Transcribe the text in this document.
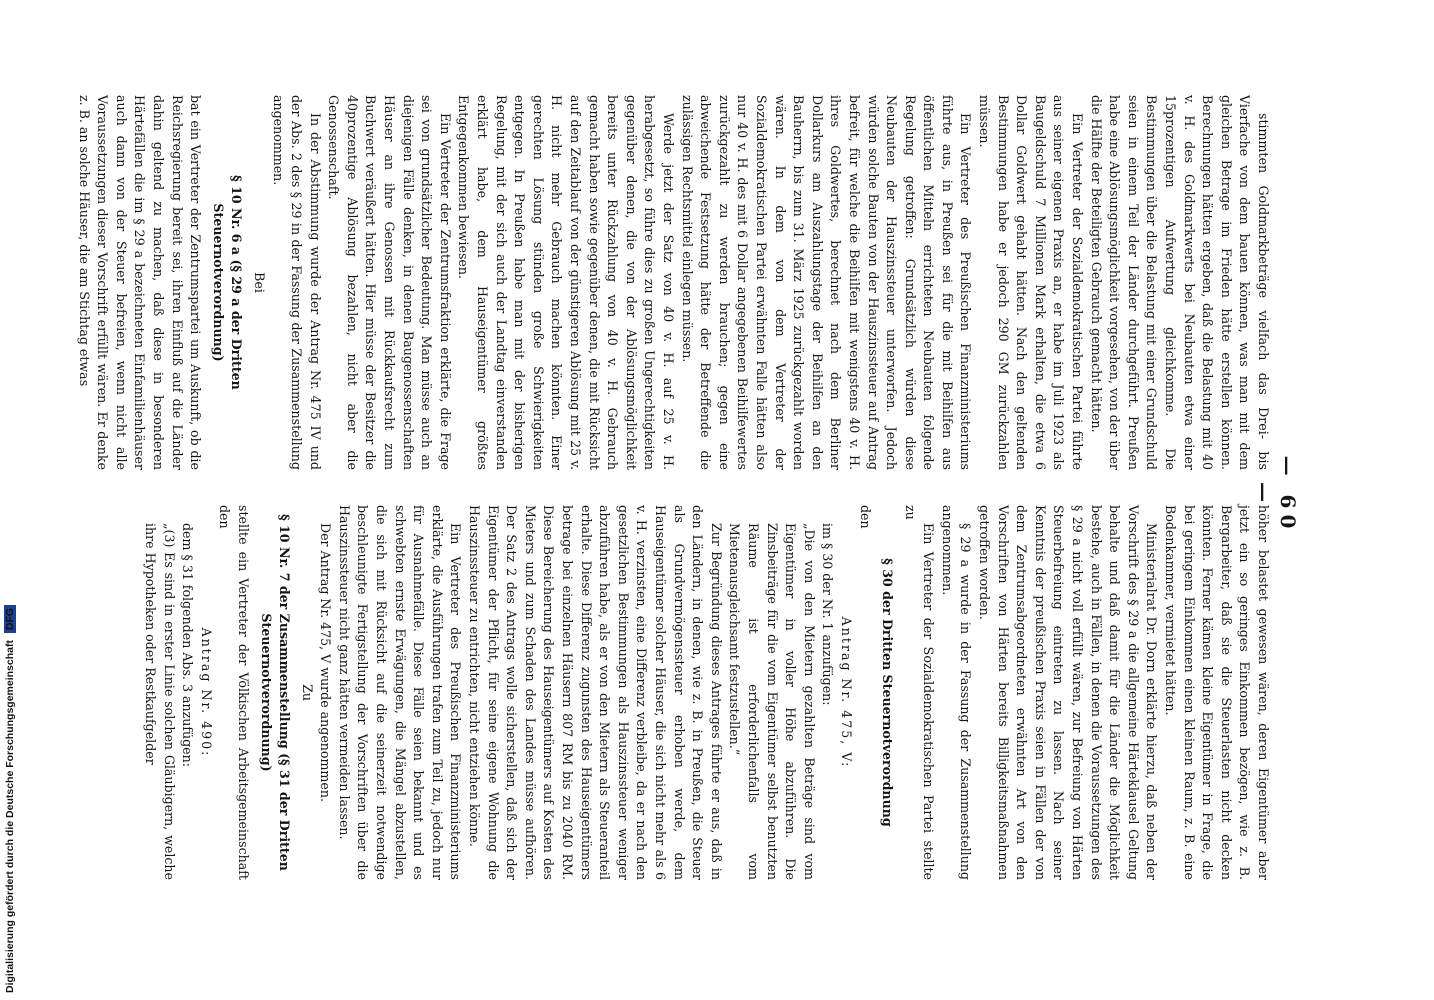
— 60 —

stimmten Goldmarkbeträge vielfach das Drei- bis Vierfache von dem bauen können, was man mit dem gleichen Betrage im Frieden hätte erstellen können. Berechnungen hätten ergeben, daß die Belastung mit 40 v. H. des Goldmarkwerts bei Neubauten etwa einer 15prozentigen Aufwertung gleichkomme. Die Bestimmungen über die Belastung mit einer Grundschuld seien in einem Teil der Länder durchgeführt. Preußen habe eine Ablösungsmöglichkeit vorgesehen, von der über die Hälfte der Beteiligten Gebrauch gemacht hätten.

Ein Vertreter der Sozialdemokratischen Partei führte aus seiner eigenen Praxis an, er habe im Juli 1923 als Baugeldschuld 7 Millionen Mark erhalten, die etwa 6 Dollar Goldwert gehabt hätten. Nach den geltenden Bestimmungen habe er jedoch 290 GM zurückzahlen müssen.

Ein Vertreter des Preußischen Finanzministeriums führte aus, in Preußen sei für die mit Beihilfen aus öffentlichen Mitteln errichteten Neubauten folgende Regelung getroffen: Grundsätzlich würden diese Neubauten der Hauszinssteuer unterworfen. Jedoch würden solche Bauten von der Hauszinssteuer auf Antrag befreit, für welche die Beihilfen mit wenigstens 40 v. H. ihres Goldwertes, berechnet nach dem Berliner Dollarkurs am Auszahlungstage der Beihilfen an den Bauherrn, bis zum 31. März 1925 zurückgezahlt worden wären. In dem von dem Vertreter der Sozialdemokratischen Partei erwähnten Falle hätten also nur 40 v. H. des mit 6 Dollar angegebenen Beihilfewertes zurückgezahlt zu werden brauchen; gegen eine abweichende Festsetzung hätte der Betreffende die zulässigen Rechtsmittel einlegen müssen.

Werde jetzt der Satz von 40 v. H. auf 25 v. H. herabgesetzt, so führe dies zu großen Ungerechtigkeiten gegenüber denen, die von der Ablösungsmöglichkeit bereits unter Rückzahlung von 40 v. H. Gebrauch gemacht haben sowie gegenüber denen, die mit Rücksicht auf den Zeitablauf von der günstigeren Ablösung mit 25 v. H. nicht mehr Gebrauch machen könnten. Einer gerechten Lösung stünden große Schwierigkeiten entgegen. In Preußen habe man mit der bisherigen Regelung, mit der sich auch der Landtag einverstanden erklärt habe, dem Hauseigentümer größtes Entgegenkommen bewiesen.

Ein Vertreter der Zentrumsfraktion erklärte, die Frage sei von grundsätzlicher Bedeutung. Man müsse auch an diejenigen Fälle denken, in denen Baugenossenschaften Häuser an ihre Genossen mit Rückkaufsrecht zum Buchwert veräußert hätten. Hier müsse der Besitzer die 40prozentige Ablösung bezahlen, nicht aber die Genossenschaft.

In der Abstimmung wurde der Antrag Nr. 475 IV und der Abs. 2 des § 29 in der Fassung der Zusammenstellung angenommen.

Bei

§ 10 Nr. 6 a (§ 29 a der Dritten Steuernotverordnung)

bat ein Vertreter der Zentrumspartei um Auskunft, ob die Reichsregierung bereit sei, ihren Einfluß auf die Länder dahin geltend zu machen, daß diese in besonderen Härtefällen die im § 29 a bezeichneten Einfamilienhäuser auch dann von der Steuer befreien, wenn nicht alle Voraussetzungen dieser Vorschrift erfüllt wären. Er denke z. B. an solche Häuser, die am Stichtag etwas

höher belastet gewesen wären, deren Eigentümer aber jetzt ein so geringes Einkommen bezögen, wie z. B. Bergarbeiter, daß sie die Steuerlasten nicht decken könnten. Ferner kämen kleine Eigentümer in Frage, die bei geringem Einkommen einen kleinen Raum, z. B. eine Bodenkammer, vermietet hätten.

Ministerialrat Dr. Dorn erklärte hierzu, daß neben der Vorschrift des § 29 a die allgemeine Härteklausel Geltung behalte und daß damit für die Länder die Möglichkeit bestehe, auch in Fällen, in denen die Voraussetzungen des § 29 a nicht voll erfüllt wären, zur Befreiung von Härten Steuerbefreiung eintreten zu lassen. Nach seiner Kenntnis der preußischen Praxis seien in Fällen der von dem Zentrumsabgeordneten erwähnten Art von den Vorschriften von Härten bereits Billigkeitsmaßnahmen getroffen worden.

§ 29 a wurde in der Fassung der Zusammenstellung angenommen.

Ein Vertreter der Sozialdemokratischen Partei stellte zu

§ 30 der Dritten Steuernotverordnung

den

Antrag Nr. 475, V:

im § 30 der Nr. 1 anzufügen:

„Die von den Mietern gezahlten Beträge sind vom Eigentümer in voller Höhe abzuführen. Die Zinsbeiträge für die vom Eigentümer selbst benutzten Räume ist erforderlichenfalls vom Mietenausgleichsamt festzustellen.“

Zur Begründung dieses Antrages führte er aus, daß in den Ländern, in denen, wie z. B. in Preußen, die Steuer als Grundvermögenssteuer erhoben werde, dem Hauseigentümer solcher Häuser, die sich nicht mehr als 6 v. H. verzinsten, eine Differenz verbleibe, da er nach den gesetzlichen Bestimmungen als Hauszinssteuer weniger abzuführen habe, als er von den Mietern als Steueranteil erhalte. Diese Differenz zugunsten des Hauseigentümers betrage bei einzelnen Häusern 807 RM bis zu 2040 RM. Diese Bereicherung des Hauseigentümers auf Kosten des Mieters und zum Schaden des Landes müsse aufhören. Der Satz 2 des Antrags wolle sicherstellen, daß sich der Eigentümer der Pflicht, für seine eigene Wohnung die Hauszinssteuer zu entrichten, nicht entziehen könne.

Ein Vertreter des Preußischen Finanzministeriums erklärte, die Ausführungen trafen zum Teil zu, jedoch nur für Ausnahmefälle. Diese Fälle seien bekannt und es schwebten ernste Erwägungen, die Mängel abzustellen, die sich mit Rücksicht auf die seinerzeit notwendige beschleunigte Fertigstellung der Vorschriften über die Hauszinssteuer nicht ganz hätten vermeiden lassen.

Der Antrag Nr. 475, V wurde angenommen.

Zu

§ 10 Nr. 7 der Zusammenstellung (§ 31 der Dritten Steuernotverordnung)

stellte ein Vertreter der Völkischen Arbeitsgemeinschaft den

Antrag Nr. 490:

dem § 31 folgenden Abs. 3 anzufügen:

„(3) Es sind in erster Linie solchen Gläubigern, welche ihre Hypotheken oder Restkaufgelder

Digitalisierung gefördert durch die Deutsche Forschungsgemeinschaft DFG
